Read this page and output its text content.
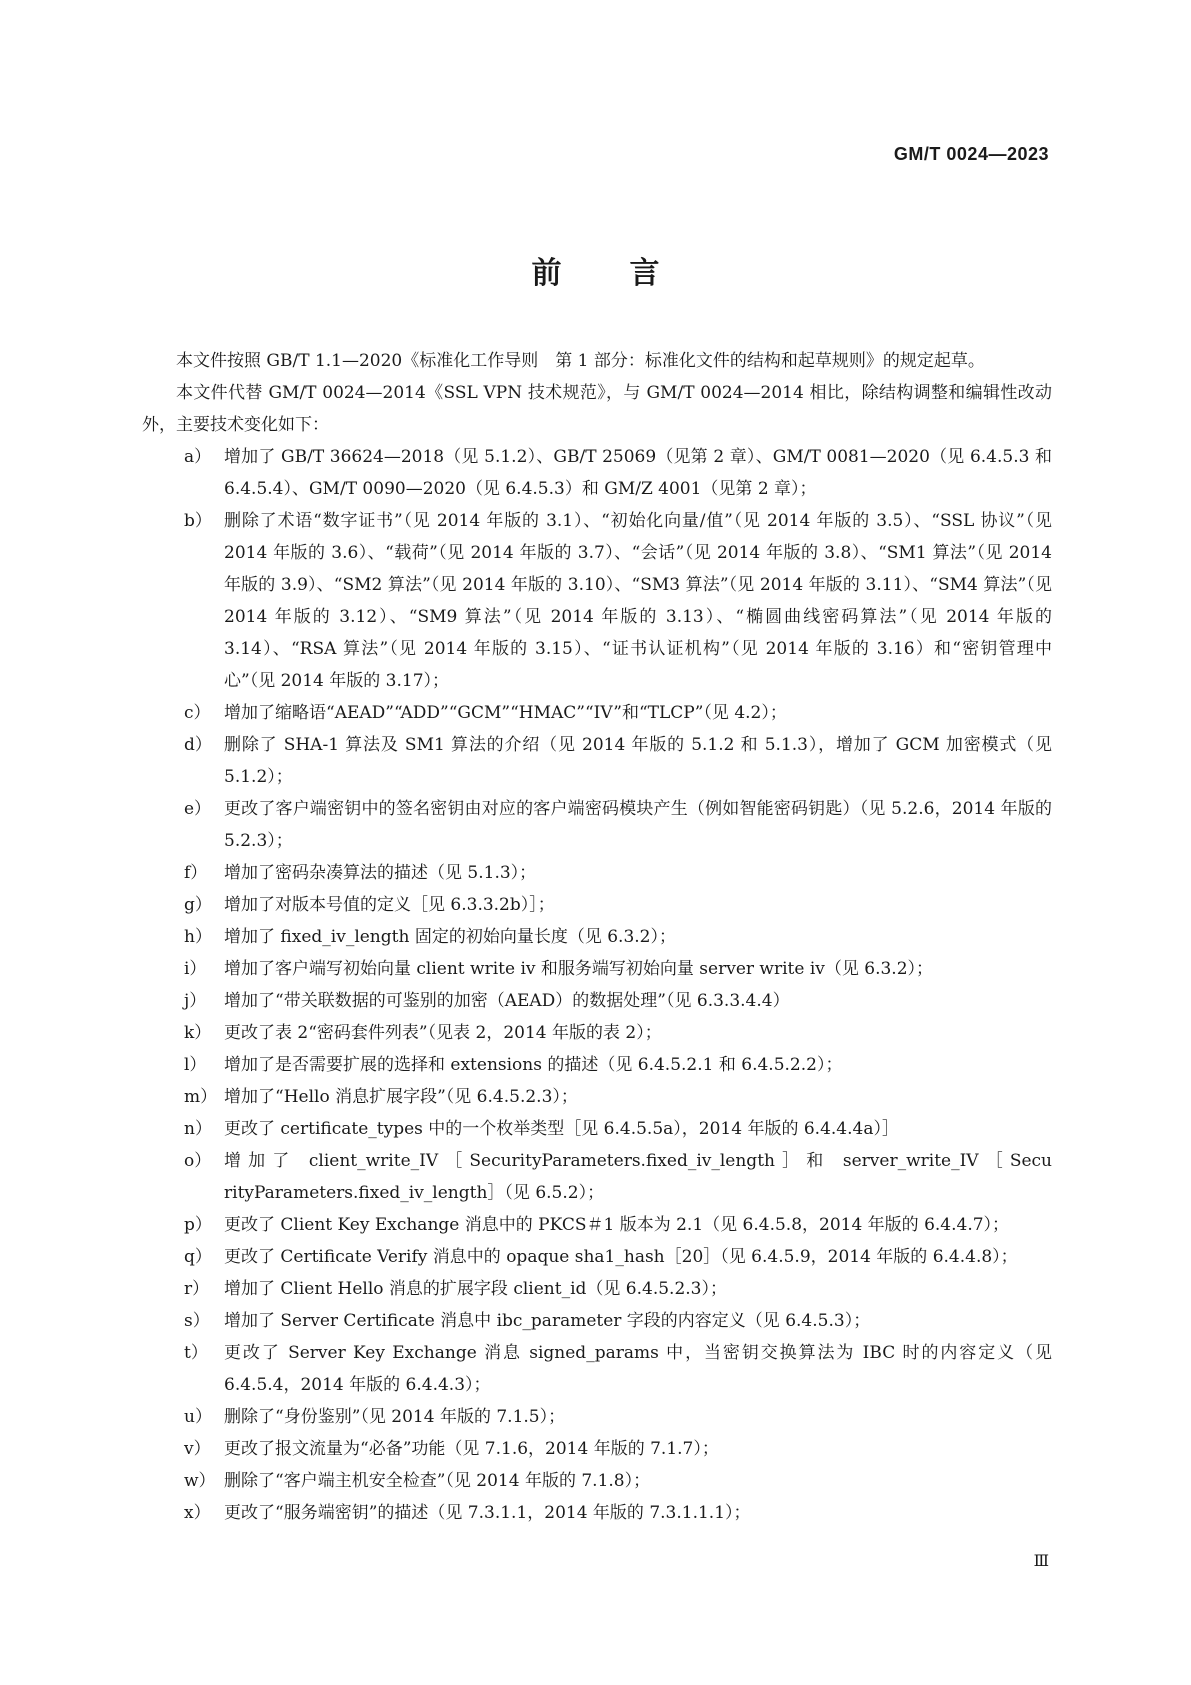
GM/T 0024—2023
前 言

本文件按照 GB/T 1.1—2020《标准化工作导则　第 1 部分：标准化文件的结构和起草规则》的规定起草。

本文件代替 GM/T 0024—2014《SSL VPN 技术规范》，与 GM/T 0024—2014 相比，除结构调整和编辑性改动外，主要技术变化如下：

a） 增加了 GB/T 36624—2018（见 5.1.2）、GB/T 25069（见第 2 章）、GM/T 0081—2020（见 6.4.5.3 和 6.4.5.4）、GM/T 0090—2020（见 6.4.5.3）和 GM/Z 4001（见第 2 章）；
b） 删除了术语“数字证书”（见 2014 年版的 3.1）、“初始化向量/值”（见 2014 年版的 3.5）、“SSL 协议”（见 2014 年版的 3.6）、“载荷”（见 2014 年版的 3.7）、“会话”（见 2014 年版的 3.8）、“SM1 算法”（见 2014 年版的 3.9）、“SM2 算法”（见 2014 年版的 3.10）、“SM3 算法”（见 2014 年版的 3.11）、“SM4 算法”（见 2014 年版的 3.12）、“SM9 算法”（见 2014 年版的 3.13）、“椭圆曲线密码算法”（见 2014 年版的 3.14）、“RSA 算法”（见 2014 年版的 3.15）、“证书认证机构”（见 2014 年版的 3.16）和“密钥管理中心”（见 2014 年版的 3.17）；
c） 增加了缩略语“AEAD”“ADD”“GCM”“HMAC”“IV”和“TLCP”（见 4.2）；
d） 删除了 SHA-1 算法及 SM1 算法的介绍（见 2014 年版的 5.1.2 和 5.1.3），增加了 GCM 加密模式（见 5.1.2）；
e） 更改了客户端密钥中的签名密钥由对应的客户端密码模块产生（例如智能密码钥匙）（见 5.2.6，2014 年版的 5.2.3）；
f） 增加了密码杂凑算法的描述（见 5.1.3）；
g） 增加了对版本号值的定义［见 6.3.3.2b）］；
h） 增加了 fixed_iv_length 固定的初始向量长度（见 6.3.2）；
i） 增加了客户端写初始向量 client write iv 和服务端写初始向量 server write iv（见 6.3.2）；
j） 增加了“带关联数据的可鉴别的加密（AEAD）的数据处理”（见 6.3.3.4.4）
k） 更改了表 2“密码套件列表”（见表 2，2014 年版的表 2）；
l） 增加了是否需要扩展的选择和 extensions 的描述（见 6.4.5.2.1 和 6.4.5.2.2）；
m） 增加了“Hello 消息扩展字段”（见 6.4.5.2.3）；
n） 更改了 certificate_types 中的一个枚举类型［见 6.4.5.5a），2014 年版的 6.4.4.4a）］
o） 增加了 client_write_IV［SecurityParameters.fixed_iv_length］和 server_write_IV［Secu rityParameters.fixed_iv_length］（见 6.5.2）；
p） 更改了 Client Key Exchange 消息中的 PKCS＃1 版本为 2.1（见 6.4.5.8，2014 年版的 6.4.4.7）；
q） 更改了 Certificate Verify 消息中的 opaque sha1_hash［20］（见 6.4.5.9，2014 年版的 6.4.4.8）；
r） 增加了 Client Hello 消息的扩展字段 client_id（见 6.4.5.2.3）；
s） 增加了 Server Certificate 消息中 ibc_parameter 字段的内容定义（见 6.4.5.3）；
t） 更改了 Server Key Exchange 消息 signed_params 中，当密钥交换算法为 IBC 时的内容定义（见 6.4.5.4，2014 年版的 6.4.4.3）；
u） 删除了“身份鉴别”（见 2014 年版的 7.1.5）；
v） 更改了报文流量为“必备”功能（见 7.1.6，2014 年版的 7.1.7）；
w） 删除了“客户端主机安全检查”（见 2014 年版的 7.1.8）；
x） 更改了“服务端密钥”的描述（见 7.3.1.1，2014 年版的 7.3.1.1.1）；
Ⅲ
